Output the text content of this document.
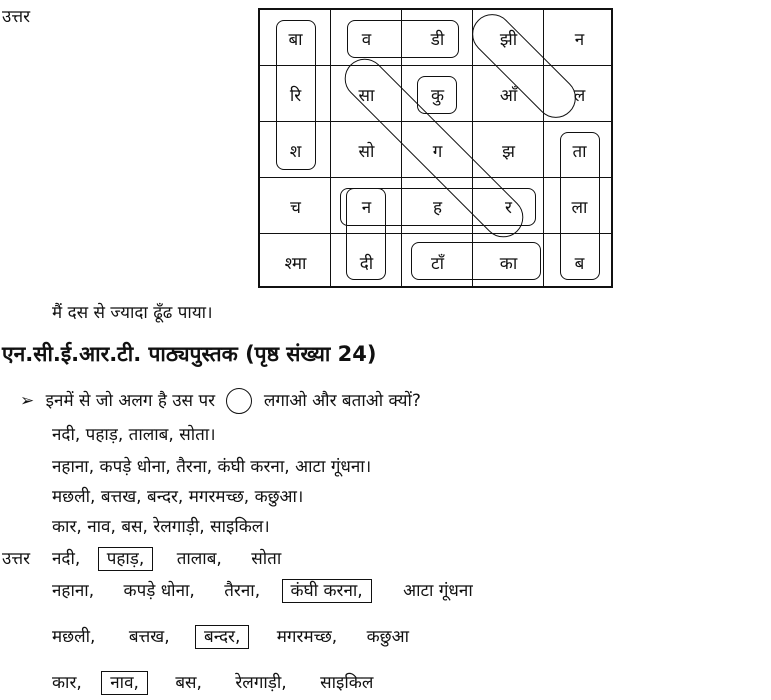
उत्तर
बा	व	डी	झी	न
रि	सा	कु	आँ	ल
श	सो	ग	झ	ता
च	न	ह	र	ला
श्मा	दी	टाँ	का	ब
मैं दस से ज्यादा ढूँढ पाया।
एन.सी.ई.आर.टी. पाठ्यपुस्तक (पृष्ठ संख्या 24)
➢ इनमें से जो अलग है उस पर	लगाओ और बताओ क्यों?
नदी, पहाड़, तालाब, सोता।
नहाना, कपड़े धोना, तैरना, कंघी करना, आटा गूंधना।
मछली, बत्तख, बन्दर, मगरमच्छ, कछुआ।
कार, नाव, बस, रेलगाड़ी, साइकिल।
उत्तर नदी, पहाड़, तालाब, सोता
नहाना, कपड़े धोना, तैरना, कंघी करना, आटा गूंधना
मछली, बत्तख, बन्दर, मगरमच्छ, कछुआ
कार, नाव, बस, रेलगाड़ी, साइकिल
